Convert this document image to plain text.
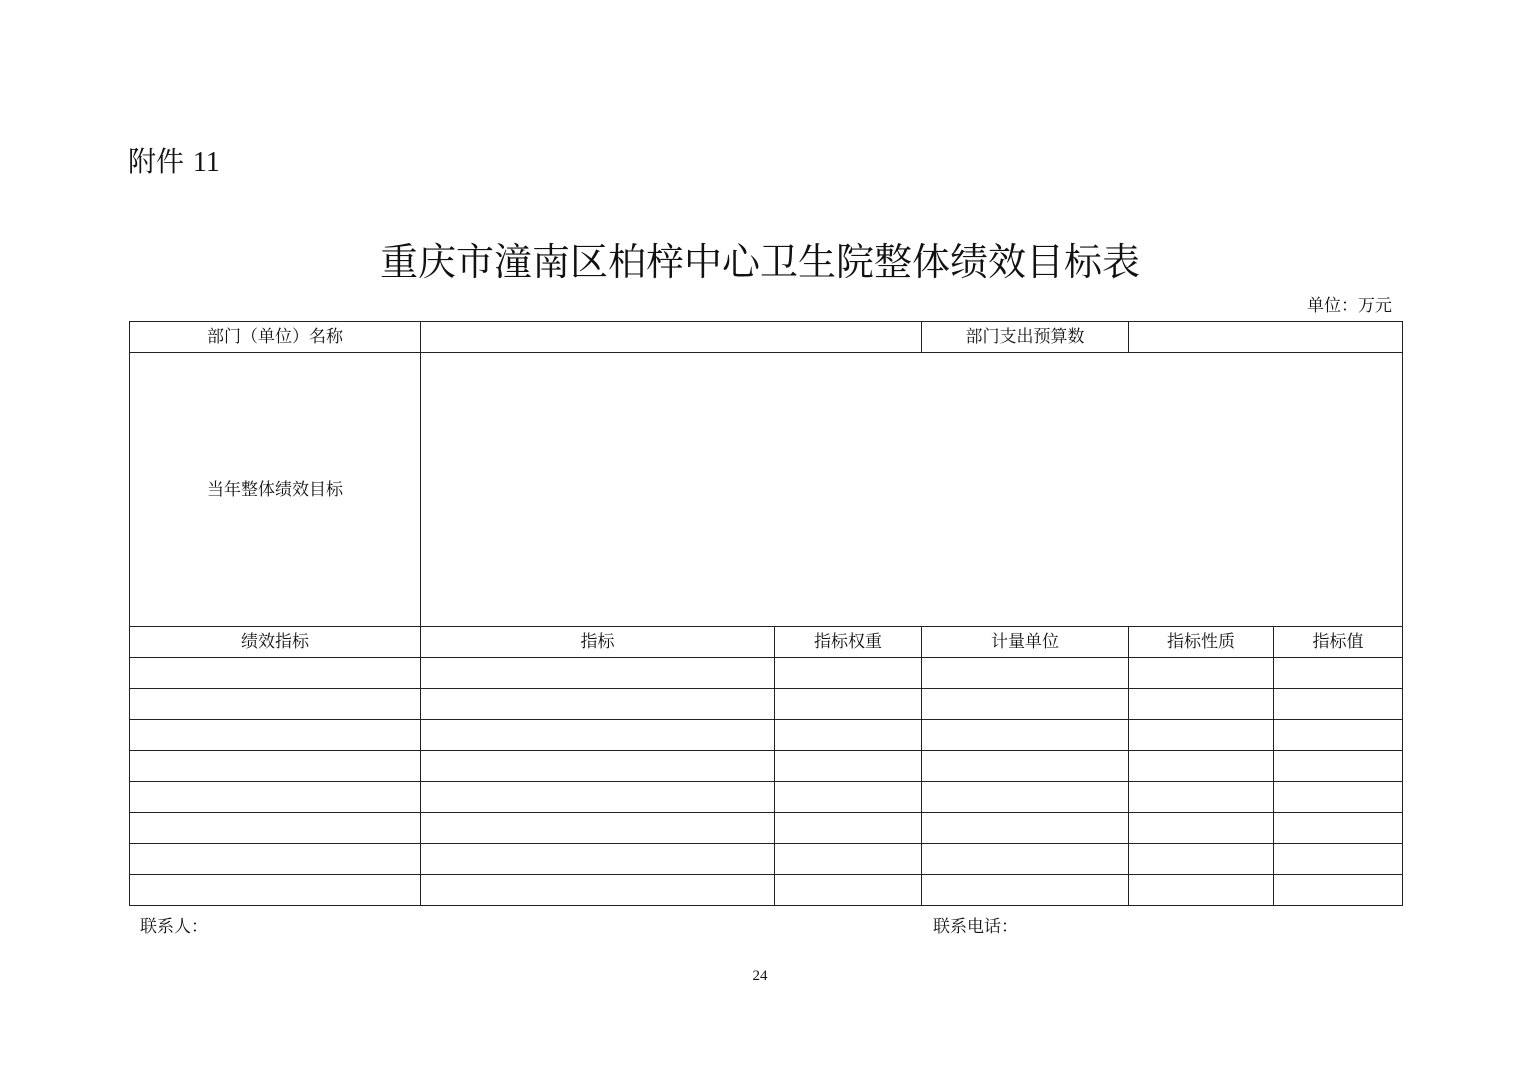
附件 11
重庆市潼南区柏梓中心卫生院整体绩效目标表
单位：万元
部门（单位）名称			部门支出预算数		
当年整体绩效目标					
绩效指标	指标	指标权重	计量单位	指标性质	指标值

联系人：	联系电话：
24
